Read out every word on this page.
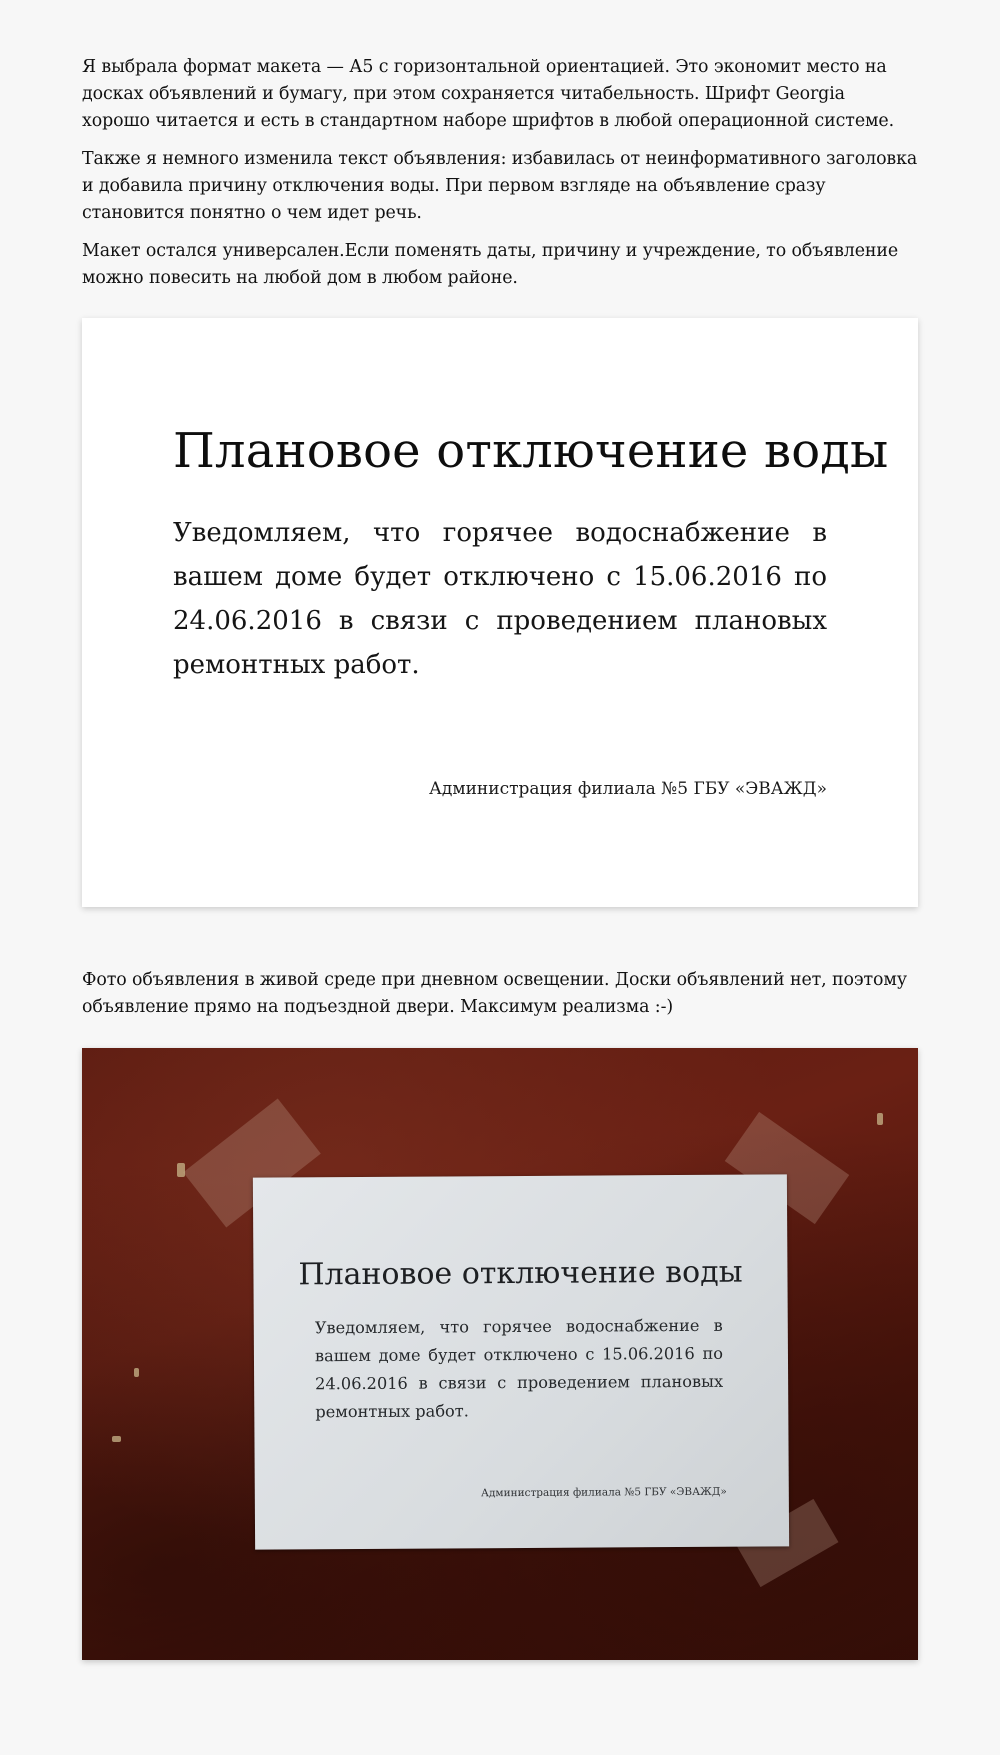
Я выбрала формат макета — А5 с горизонтальной ориентацией. Это экономит место на досках объявлений и бумагу, при этом сохраняется читабельность. Шрифт Georgia хорошо читается и есть в стандартном наборе шрифтов в любой операционной системе.

Также я немного изменила текст объявления: избавилась от неинформативного заголовка и добавила причину отключения воды. При первом взгляде на объявление сразу становится понятно о чем идет речь.

Макет остался универсален.Если поменять даты, причину и учреждение, то объявление можно повесить на любой дом в любом районе.

Плановое отключение воды
Уведомляем, что горячее водоснабжение в вашем доме будет отключено с 15.06.2016 по 24.06.2016 в связи с проведением плановых ремонтных работ.
Администрация филиала №5 ГБУ «ЭВАЖД»

Фото объявления в живой среде при дневном освещении. Доски объявлений нет, поэтому объявление прямо на подъездной двери. Максимум реализма :-)

Плановое отключение воды
Уведомляем, что горячее водоснабжение в вашем доме будет отключено с 15.06.2016 по 24.06.2016 в связи с проведением плановых ремонтных работ.
Администрация филиала №5 ГБУ «ЭВАЖД»
